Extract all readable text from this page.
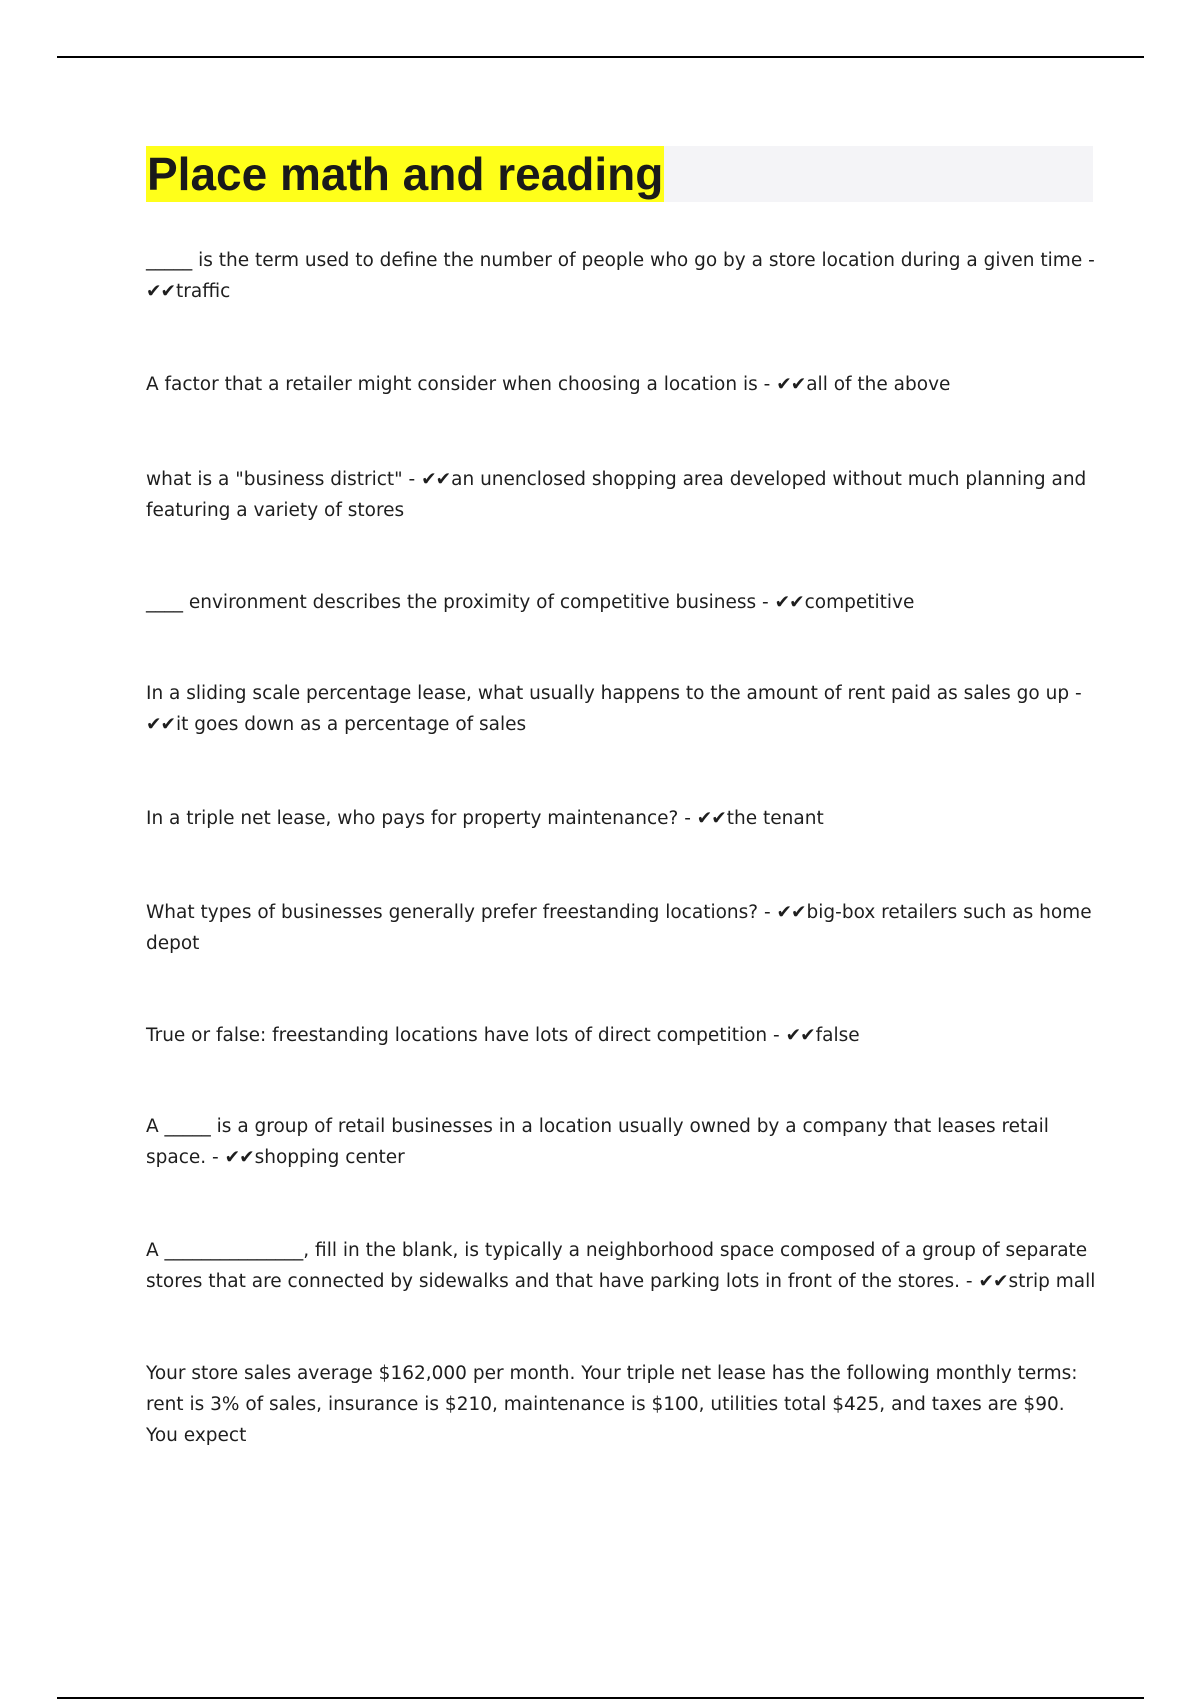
Place math and reading

_____ is the term used to define the number of people who go by a store location during a given time - ✔✔traffic

A factor that a retailer might consider when choosing a location is - ✔✔all of the above

what is a "business district" - ✔✔an unenclosed shopping area developed without much planning and featuring a variety of stores

____ environment describes the proximity of competitive business - ✔✔competitive

In a sliding scale percentage lease, what usually happens to the amount of rent paid as sales go up - ✔✔it goes down as a percentage of sales

In a triple net lease, who pays for property maintenance? - ✔✔the tenant

What types of businesses generally prefer freestanding locations? - ✔✔big-box retailers such as home depot

True or false: freestanding locations have lots of direct competition - ✔✔false

A _____ is a group of retail businesses in a location usually owned by a company that leases retail space. - ✔✔shopping center

A _______________, fill in the blank, is typically a neighborhood space composed of a group of separate stores that are connected by sidewalks and that have parking lots in front of the stores. - ✔✔strip mall

Your store sales average $162,000 per month. Your triple net lease has the following monthly terms: rent is 3% of sales, insurance is $210, maintenance is $100, utilities total $425, and taxes are $90. You expect
